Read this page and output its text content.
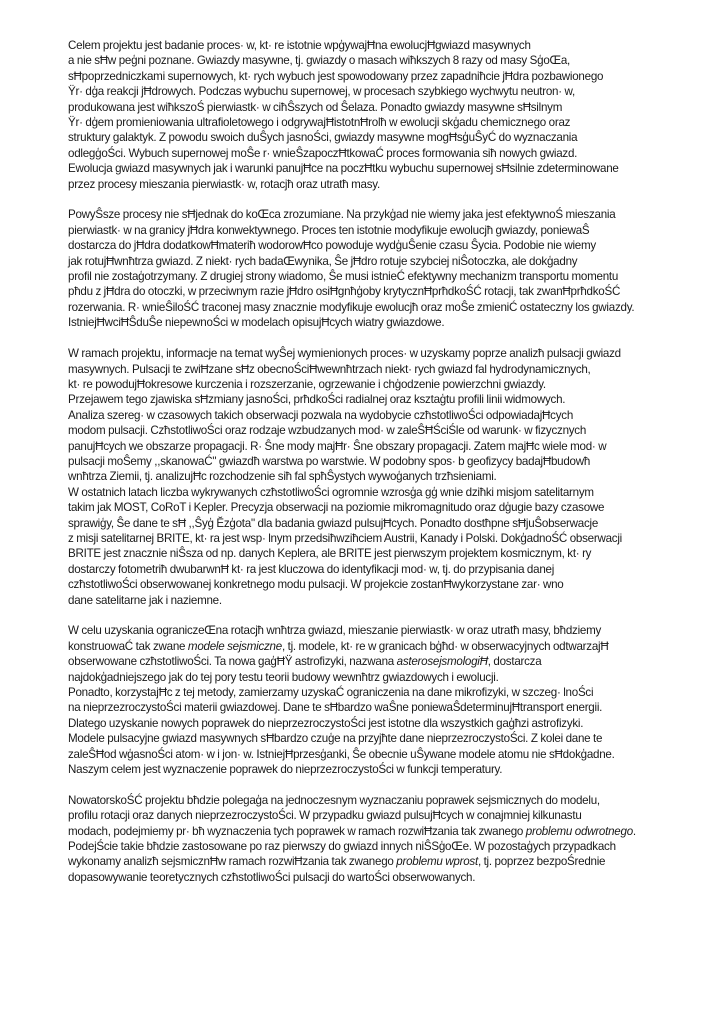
Celem projektu jest badanie proces· w, kt· re istotnie wpģywajĦna ewolucjĦgwiazd masywnych
a nie sĦw peģni poznane. Gwiazdy masywne, tj. gwiazdy o masach wiħkszych 8 razy od masy SģoŒa,
sĦpoprzedniczkami supernowych, kt· rych wybuch jest spowodowany przez zapadniħcie jĦdra pozbawionego
Ÿr· dģa reakcji jĦdrowych. Podczas wybuchu supernowej, w procesach szybkiego wychwytu neutron· w,
produkowana jest wiħkszoŚ pierwiastk· w ciħŜszych od Ŝelaza. Ponadto gwiazdy masywne sĦsilnym
Ÿr· dģem promieniowania ultrafioletowego i odgrywajĦistotnĦrolħ w ewolucji skģadu chemicznego oraz
struktury galaktyk. Z powodu swoich duŜych jasnoŚci, gwiazdy masywne mogĦsģuŜyĆ do wyznaczania
odlegģoŚci. Wybuch supernowej moŜe r· wnieŜzapoczĦtkowaĆ proces formowania siħ nowych gwiazd.
Ewolucja gwiazd masywnych jak i warunki panujĦce na poczĦtku wybuchu supernowej sĦsilnie zdeterminowane
przez procesy mieszania pierwiastk· w, rotacjħ oraz utratħ masy.

PowyŜsze procesy nie sĦjednak do koŒca zrozumiane. Na przykģad nie wiemy jaka jest efektywnoŚ mieszania
pierwiastk· w na granicy jĦdra konwektywnego. Proces ten istotnie modyfikuje ewolucjħ gwiazdy, poniewaŜ
dostarcza do jĦdra dodatkowĦmateriħ wodorowĦco powoduje wydģuŜenie czasu Ŝycia. Podobie nie wiemy
jak rotujĦwnħtrza gwiazd. Z niekt· rych badaŒwynika, Ŝe jĦdro rotuje szybciej niŜotoczka, ale dokģadny
profil nie zostaģotrzymany. Z drugiej strony wiadomo, Ŝe musi istnieĆ efektywny mechanizm transportu momentu
pħdu z jĦdra do otoczki, w przeciwnym razie jĦdro osiĦgnħģoby krytycznĦprħdkoŚĆ rotacji, tak zwanĦprħdkoŚĆ
rozerwania. R· wnieŜiloŚĆ traconej masy znacznie modyfikuje ewolucjħ oraz moŜe zmieniĆ ostateczny los gwiazdy.
IstniejĦwciĦŜduŜe niepewnoŚci w modelach opisujĦcych wiatry gwiazdowe.

W ramach projektu, informacje na temat wyŜej wymienionych proces· w uzyskamy poprze analizħ pulsacji gwiazd
masywnych. Pulsacji te zwiĦzane sĦz obecnoŚciĦwewnħtrzach niekt· rych gwiazd fal hydrodynamicznych,
kt· re powodujĦokresowe kurczenia i rozszerzanie, ogrzewanie i chģodzenie powierzchni gwiazdy.
Przejawem tego zjawiska sĦzmiany jasnoŚci, prħdkoŚci radialnej oraz ksztaģtu profili linii widmowych.
Analiza szereg· w czasowych takich obserwacji pozwala na wydobycie czħstotliwoŚci odpowiadajĦcych
modom pulsacji. CzħstotliwoŚci oraz rodzaje wzbudzanych mod· w zaleŜĦŚciŚle od warunk· w fizycznych
panujĦcych we obszarze propagacji. R· Ŝne mody majĦr· Ŝne obszary propagacji. Zatem majĦc wiele mod· w
pulsacji moŜemy ,,skanowaĆ" gwiazdħ warstwa po warstwie. W podobny spos· b geofizycy badajĦbudowħ
wnħtrza Ziemii, tj. analizujĦc rozchodzenie siħ fal spħŜystych wywoģanych trzħsieniami.
W ostatnich latach liczba wykrywanych czħstotliwoŚci ogromnie wzrosģa gģ wnie dziħki misjom satelitarnym
takim jak MOST, CoRoT i Kepler. Precyzja obserwacji na poziomie mikromagnitudo oraz dģugie bazy czasowe
sprawiģy, Ŝe dane te sĦ ,,Ŝyģ Ĕzģota" dla badania gwiazd pulsujĦcych. Ponadto dostħpne sĦjuŜobserwacje
z misji satelitarnej BRITE, kt· ra jest wsp· lnym przedsiħwziħciem Austrii, Kanady i Polski. DokģadnoŚĆ obserwacji
BRITE jest znacznie niŜsza od np. danych Keplera, ale BRITE jest pierwszym projektem kosmicznym, kt· ry
dostarczy fotometriħ dwubarwnĦ kt· ra jest kluczowa do identyfikacji mod· w, tj. do przypisania danej
czħstotliwoŚci obserwowanej konkretnego modu pulsacji. W projekcie zostanĦwykorzystane zar· wno
dane satelitarne jak i naziemne.

W celu uzyskania ograniczeŒna rotacjħ wnħtrza gwiazd, mieszanie pierwiastk· w oraz utratħ masy, bħdziemy
konstruowaĆ tak zwane modele sejsmiczne, tj. modele, kt· re w granicach bģħd· w obserwacyjnych odtwarzajĦ
obserwowane czħstotliwoŚci. Ta nowa gaģĦŸ astrofizyki, nazwana asterosejsmologiĦ, dostarcza
najdokģadniejszego jak do tej pory testu teorii budowy wewnħtrz gwiazdowych i ewolucji.
Ponadto, korzystajĦc z tej metody, zamierzamy uzyskaĆ ograniczenia na dane mikrofizyki, w szczeg· lnoŚci
na nieprzezroczystoŚci materii gwiazdowej. Dane te sĦbardzo waŜne poniewaŜdeterminujĦtransport energii.
Dlatego uzyskanie nowych poprawek do nieprzezroczystoŚci jest istotne dla wszystkich gaģħzi astrofizyki.
Modele pulsacyjne gwiazd masywnych sĦbardzo czuģe na przyjħte dane nieprzezroczystoŚci. Z kolei dane te
zaleŜĦod wģasnoŚci atom· w i jon· w. IstniejĦprzesģanki, Ŝe obecnie uŜywane modele atomu nie sĦdokģadne.
Naszym celem jest wyznaczenie poprawek do nieprzezroczystoŚci w funkcji temperatury.

NowatorskoŚĆ projektu bħdzie polegaģa na jednoczesnym wyznaczaniu poprawek sejsmicznych do modelu,
profilu rotacji oraz danych nieprzezroczystoŚci. W przypadku gwiazd pulsujĦcych w conajmniej kilkunastu
modach, podejmiemy pr· bħ wyznaczenia tych poprawek w ramach rozwiĦzania tak zwanego problemu odwrotnego.
PodejŚcie takie bħdzie zastosowane po raz pierwszy do gwiazd innych niŜSģoŒe. W pozostaģych przypadkach
wykonamy analizħ sejsmicznĦw ramach rozwiĦzania tak zwanego problemu wprost, tj. poprzez bezpoŚrednie
dopasowywanie teoretycznych czħstotliwoŚci pulsacji do wartoŚci obserwowanych.
